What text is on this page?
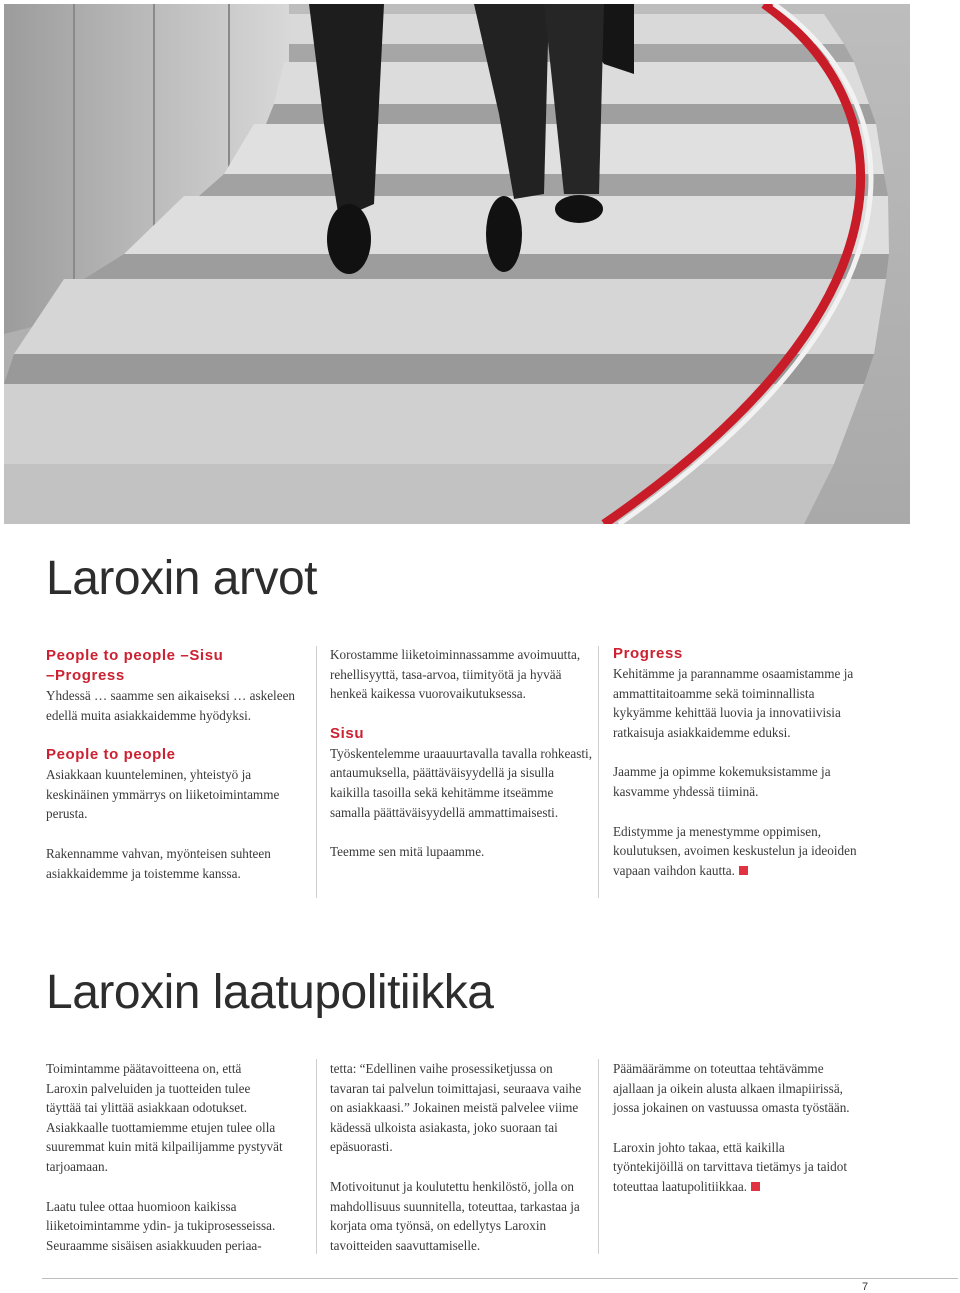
Laroxin arvot
People to people –Sisu
–Progress

Yhdessä … saamme sen aikaiseksi … askeleen edellä muita asiakkaidemme hyödyksi.

People to people

Asiakkaan kuunteleminen, yhteistyö ja keskinäinen ymmärrys on liiketoimintamme perusta.

Rakennamme vahvan, myönteisen suhteen asiakkaidemme ja toistemme kanssa.

Korostamme liiketoiminnassamme avoimuutta, rehellisyyttä, tasa-arvoa, tiimityötä ja hyvää henkeä kaikessa vuorovaikutuksessa.

Sisu

Työskentelemme uraauurtavalla tavalla rohkeasti, antaumuksella, päättäväisyydellä ja sisulla kaikilla tasoilla sekä kehitämme itseämme samalla päättäväisyydellä ammattimaisesti.

Teemme sen mitä lupaamme.

Progress

Kehitämme ja parannamme osaamistamme ja ammattitaitoamme sekä toiminnallista kykyämme kehittää luovia ja innovatiivisia ratkaisuja asiakkaidemme eduksi.

Jaamme ja opimme kokemuksistamme ja kasvamme yhdessä tiiminä.

Edistymme ja menestymme oppimisen, koulutuksen, avoimen keskustelun ja ideoiden vapaan vaihdon kautta.

Laroxin laatupolitiikka

Toimintamme päätavoitteena on, että Laroxin palveluiden ja tuotteiden tulee täyttää tai ylittää asiakkaan odotukset. Asiakkaalle tuottamiemme etujen tulee olla suuremmat kuin mitä kilpailijamme pystyvät tarjoamaan.

Laatu tulee ottaa huomioon kaikissa liiketoimintamme ydin- ja tukiprosesseissa. Seuraamme sisäisen asiakkuuden periaa-

tetta: “Edellinen vaihe prosessiketjussa on tavaran tai palvelun toimittajasi, seuraava vaihe on asiakkaasi.” Jokainen meistä palvelee viime kädessä ulkoista asiakasta, joko suoraan tai epäsuorasti.

Motivoitunut ja koulutettu henkilöstö, jolla on mahdollisuus suunnitella, toteuttaa, tarkastaa ja korjata oma työnsä, on edellytys Laroxin tavoitteiden saavuttamiselle.

Päämäärämme on toteuttaa tehtävämme ajallaan ja oikein alusta alkaen ilmapiirissä, jossa jokainen on vastuussa omasta työstään.

Laroxin johto takaa, että kaikilla työntekijöillä on tarvittava tietämys ja taidot toteuttaa laatupolitiikkaa.

7
